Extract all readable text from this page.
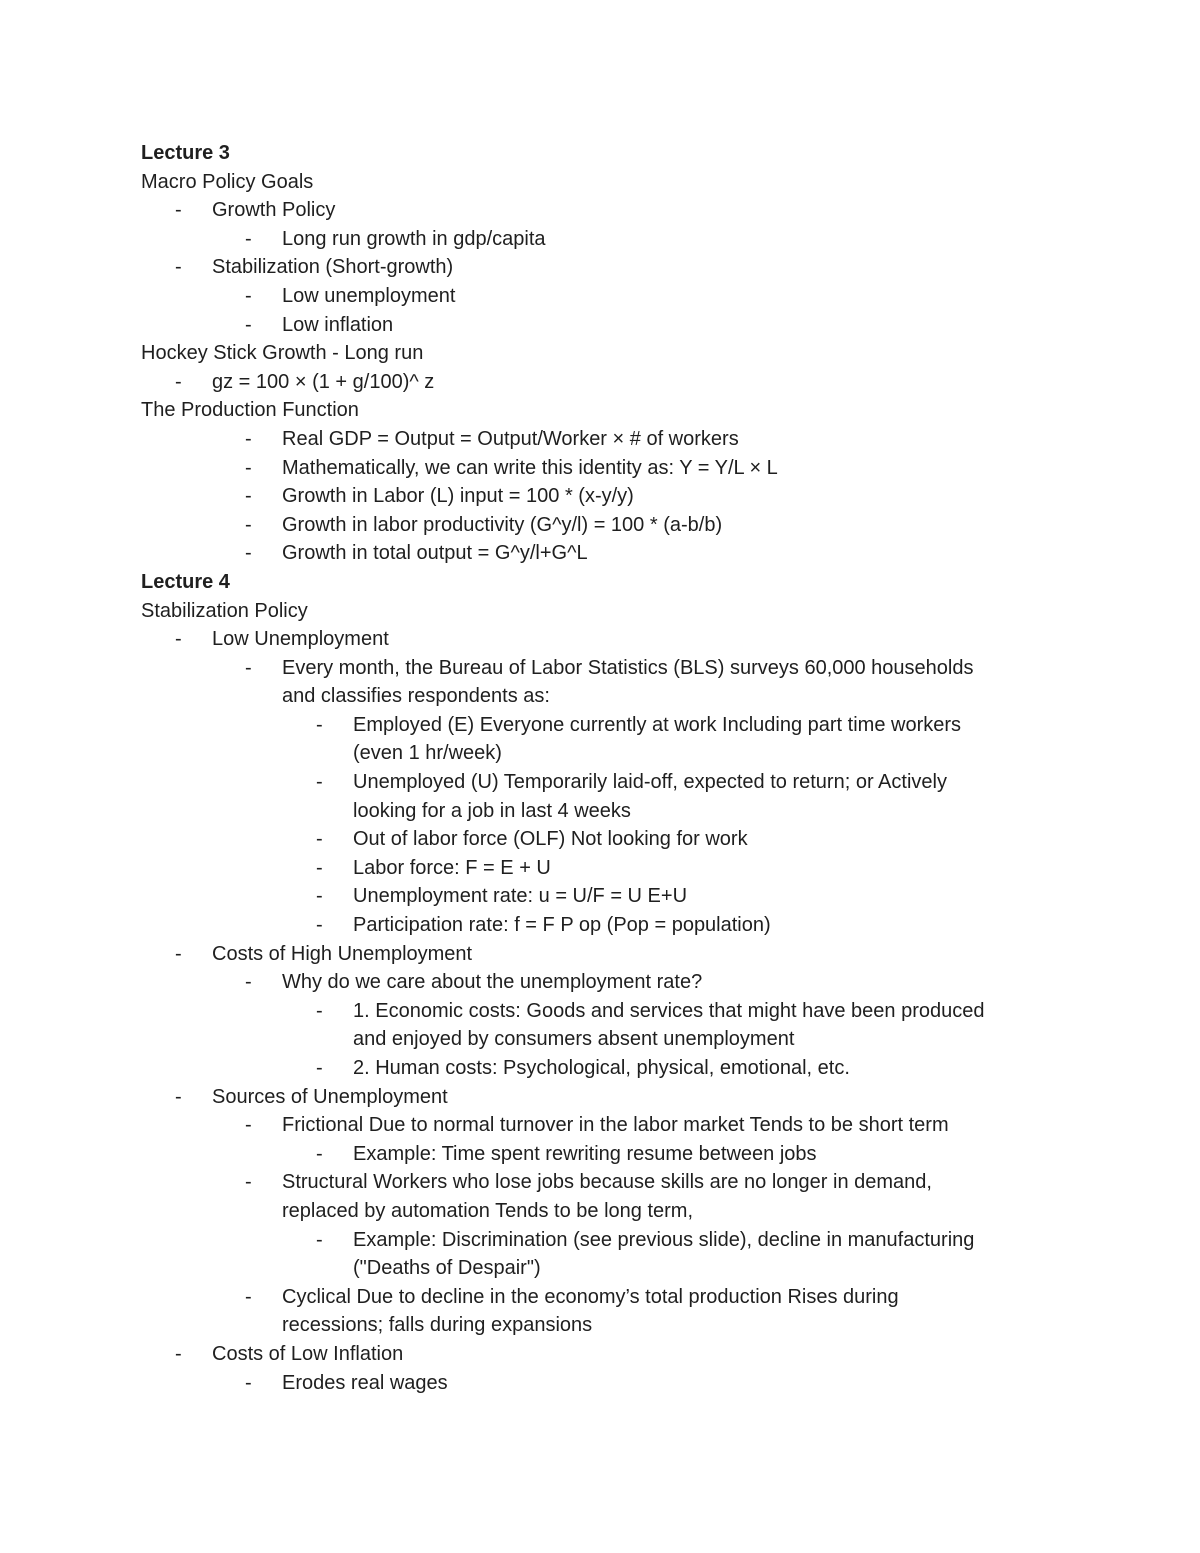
Lecture 3
Macro Policy Goals
- Growth Policy
- Long run growth in gdp/capita
- Stabilization (Short-growth)
- Low unemployment
- Low inflation
Hockey Stick Growth - Long run
- gz = 100 × (1 + g/100)^ z
The Production Function
- Real GDP = Output = Output/Worker × # of workers
- Mathematically, we can write this identity as: Y = Y/L × L
- Growth in Labor (L) input = 100 * (x-y/y)
- Growth in labor productivity (G^y/l) = 100 * (a-b/b)
- Growth in total output = G^y/l+G^L
Lecture 4
Stabilization Policy
- Low Unemployment
- Every month, the Bureau of Labor Statistics (BLS) surveys 60,000 households
and classifies respondents as:
- Employed (E) Everyone currently at work Including part time workers
(even 1 hr/week)
- Unemployed (U) Temporarily laid-off, expected to return; or Actively
looking for a job in last 4 weeks
- Out of labor force (OLF) Not looking for work
- Labor force: F = E + U
- Unemployment rate: u = U/F = U E+U
- Participation rate: f = F P op (Pop = population)
- Costs of High Unemployment
- Why do we care about the unemployment rate?
- 1. Economic costs: Goods and services that might have been produced
and enjoyed by consumers absent unemployment
- 2. Human costs: Psychological, physical, emotional, etc.
- Sources of Unemployment
- Frictional Due to normal turnover in the labor market Tends to be short term
- Example: Time spent rewriting resume between jobs
- Structural Workers who lose jobs because skills are no longer in demand,
replaced by automation Tends to be long term,
- Example: Discrimination (see previous slide), decline in manufacturing
("Deaths of Despair")
- Cyclical Due to decline in the economy’s total production Rises during
recessions; falls during expansions
- Costs of Low Inflation
- Erodes real wages
